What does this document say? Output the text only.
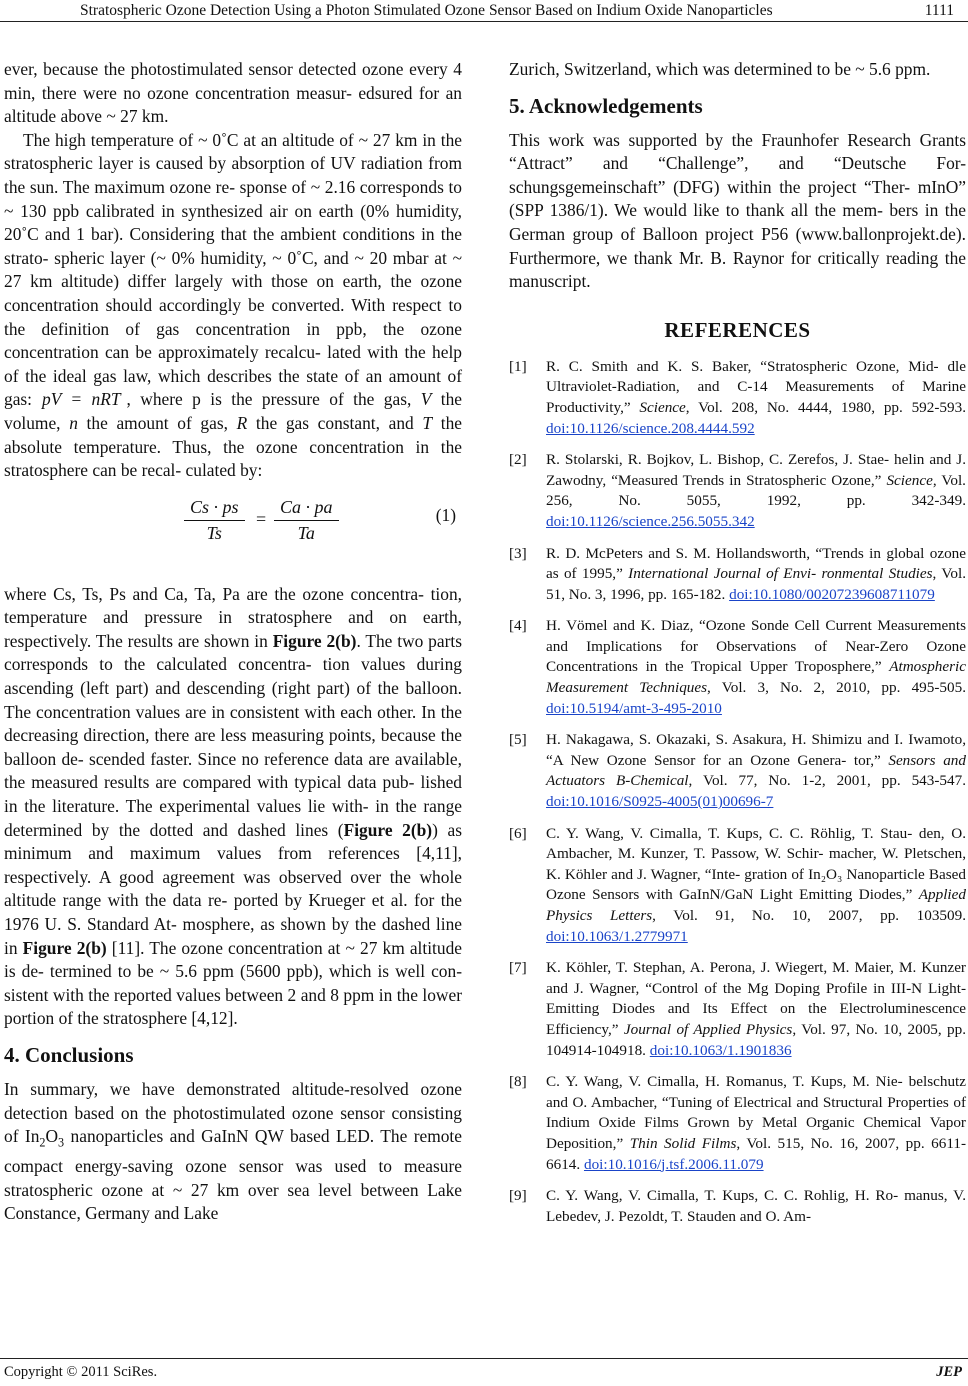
Stratospheric Ozone Detection Using a Photon Stimulated Ozone Sensor Based on Indium Oxide Nanoparticles	1111

ever, because the photostimulated sensor detected ozone every 4 min, there were no ozone concentration measur- edsured for an altitude above ~ 27 km.

The high temperature of ~ 0˚C at an altitude of ~ 27 km in the stratospheric layer is caused by absorption of UV radiation from the sun. The maximum ozone re- sponse of ~ 2.16 corresponds to ~ 130 ppb calibrated in synthesized air on earth (0% humidity, 20˚C and 1 bar). Considering that the ambient conditions in the strato- spheric layer (~ 0% humidity, ~ 0˚C, and ~ 20 mbar at ~ 27 km altitude) differ largely with those on earth, the ozone concentration should accordingly be converted. With respect to the definition of gas concentration in ppb, the ozone concentration can be approximately recalcu- lated with the help of the ideal gas law, which describes the state of an amount of gas: pV = nRT , where p is the pressure of the gas, V the volume, n the amount of gas, R the gas constant, and T the absolute temperature. Thus, the ozone concentration in the stratosphere can be recal- culated by:

$\frac{Cs \cdot ps}{Ts} = \frac{Ca \cdot pa}{Ta}$	(1)

where Cs, Ts, Ps and Ca, Ta, Pa are the ozone concentra- tion, temperature and pressure in stratosphere and on earth, respectively. The results are shown in Figure 2(b). The two parts corresponds to the calculated concentra- tion values during ascending (left part) and descending (right part) of the balloon. The concentration values are in consistent with each other. In the decreasing direction, there are less measuring points, because the balloon de- scended faster. Since no reference data are available, the measured results are compared with typical data pub- lished in the literature. The experimental values lie with- in the range determined by the dotted and dashed lines (Figure 2(b)) as minimum and maximum values from references [4,11], respectively. A good agreement was observed over the whole altitude range with the data re- ported by Krueger et al. for the 1976 U. S. Standard At- mosphere, as shown by the dashed line in Figure 2(b) [11]. The ozone concentration at ~ 27 km altitude is de- termined to be ~ 5.6 ppm (5600 ppb), which is well con- sistent with the reported values between 2 and 8 ppm in the lower portion of the stratosphere [4,12].

4. Conclusions

In summary, we have demonstrated altitude-resolved ozone detection based on the photostimulated ozone sensor consisting of $In_2O_3$ nanoparticles and GaInN QW based LED. The remote compact energy-saving ozone sensor was used to measure stratospheric ozone at ~ 27 km over sea level between Lake Constance, Germany and Lake

Zurich, Switzerland, which was determined to be ~ 5.6 ppm.

5. Acknowledgements

This work was supported by the Fraunhofer Research Grants “Attract” and “Challenge”, and “Deutsche For- schungsgemeinschaft” (DFG) within the project “Ther- mInO” (SPP 1386/1). We would like to thank all the mem- bers in the German group of Balloon project P56 (www.ballonprojekt.de). Furthermore, we thank Mr. B. Raynor for critically reading the manuscript.

REFERENCES
[1] R. C. Smith and K. S. Baker, “Stratospheric Ozone, Mid- dle Ultraviolet-Radiation, and C-14 Measurements of Marine Productivity,” Science, Vol. 208, No. 4444, 1980, pp. 592-593. doi:10.1126/science.208.4444.592
[2] R. Stolarski, R. Bojkov, L. Bishop, C. Zerefos, J. Stae- helin and J. Zawodny, “Measured Trends in Stratospheric Ozone,” Science, Vol. 256, No. 5055, 1992, pp. 342-349. doi:10.1126/science.256.5055.342
[3] R. D. McPeters and S. M. Hollandsworth, “Trends in global ozone as of 1995,” International Journal of Envi- ronmental Studies, Vol. 51, No. 3, 1996, pp. 165-182. doi:10.1080/00207239608711079
[4] H. Vömel and K. Diaz, “Ozone Sonde Cell Current Measurements and Implications for Observations of Near-Zero Ozone Concentrations in the Tropical Upper Troposphere,” Atmospheric Measurement Techniques, Vol. 3, No. 2, 2010, pp. 495-505. doi:10.5194/amt-3-495-2010
[5] H. Nakagawa, S. Okazaki, S. Asakura, H. Shimizu and I. Iwamoto, “A New Ozone Sensor for an Ozone Genera- tor,” Sensors and Actuators B-Chemical, Vol. 77, No. 1-2, 2001, pp. 543-547. doi:10.1016/S0925-4005(01)00696-7
[6] C. Y. Wang, V. Cimalla, T. Kups, C. C. Röhlig, T. Stau- den, O. Ambacher, M. Kunzer, T. Passow, W. Schir- macher, W. Pletschen, K. Köhler and J. Wagner, “Inte- gration of In₂O₃ Nanoparticle Based Ozone Sensors with GaInN/GaN Light Emitting Diodes,” Applied Physics Letters, Vol. 91, No. 10, 2007, pp. 103509. doi:10.1063/1.2779971
[7] K. Köhler, T. Stephan, A. Perona, J. Wiegert, M. Maier, M. Kunzer and J. Wagner, “Control of the Mg Doping Profile in III-N Light-Emitting Diodes and Its Effect on the Electroluminescence Efficiency,” Journal of Applied Physics, Vol. 97, No. 10, 2005, pp. 104914-104918. doi:10.1063/1.1901836
[8] C. Y. Wang, V. Cimalla, H. Romanus, T. Kups, M. Nie- belschutz and O. Ambacher, “Tuning of Electrical and Structural Properties of Indium Oxide Films Grown by Metal Organic Chemical Vapor Deposition,” Thin Solid Films, Vol. 515, No. 16, 2007, pp. 6611-6614. doi:10.1016/j.tsf.2006.11.079
[9] C. Y. Wang, V. Cimalla, T. Kups, C. C. Rohlig, H. Ro- manus, V. Lebedev, J. Pezoldt, T. Stauden and O. Am-
Copyright © 2011 SciRes.	JEP
